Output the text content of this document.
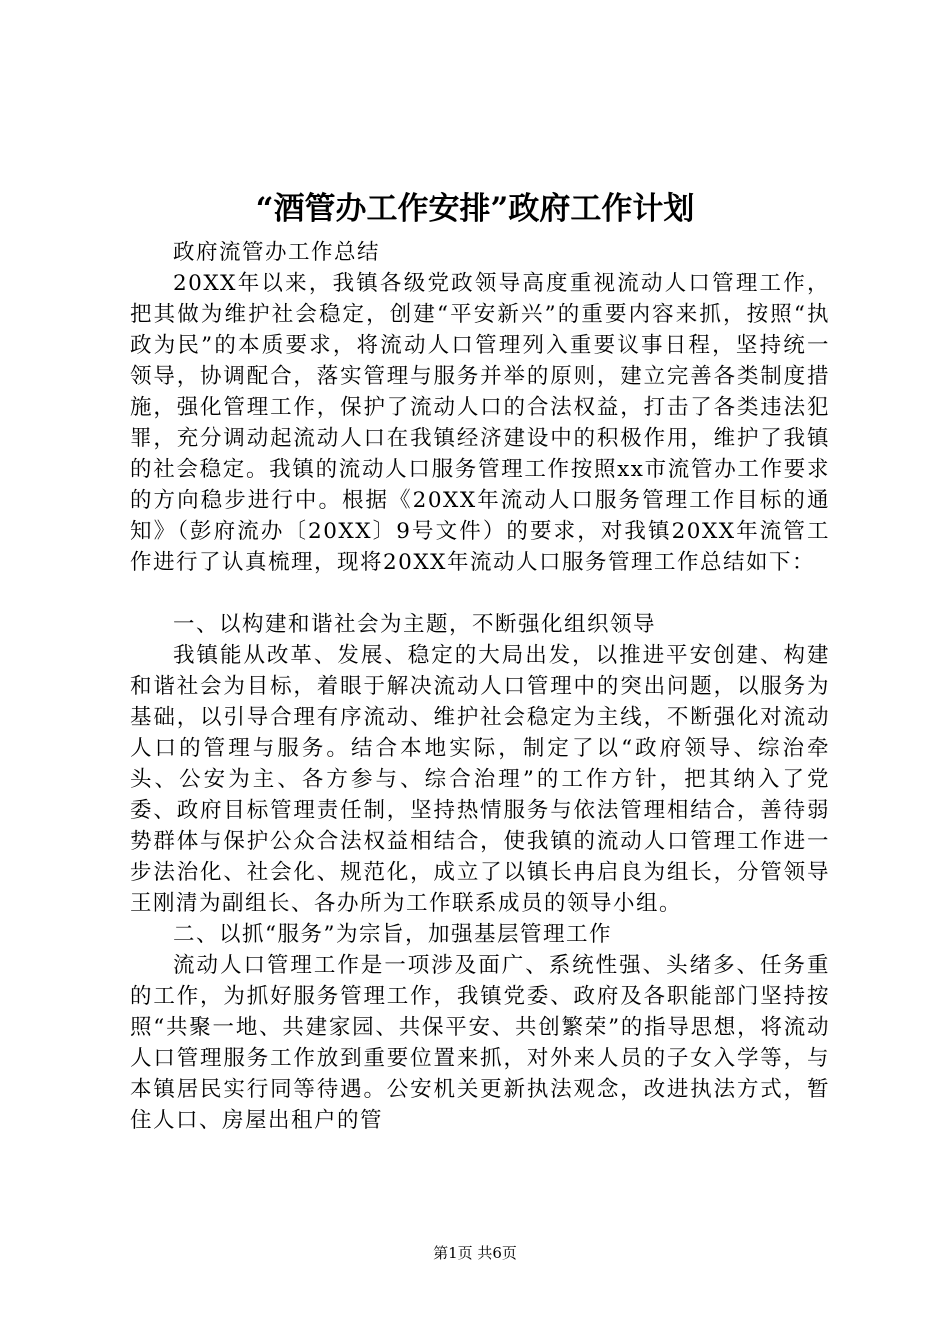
“酒管办工作安排”政府工作计划

政府流管办工作总结

20XX年以来，我镇各级党政领导高度重视流动人口管理工作，把其做为维护社会稳定，创建“平安新兴”的重要内容来抓，按照“执政为民”的本质要求，将流动人口管理列入重要议事日程，坚持统一领导，协调配合，落实管理与服务并举的原则，建立完善各类制度措施，强化管理工作，保护了流动人口的合法权益，打击了各类违法犯罪，充分调动起流动人口在我镇经济建设中的积极作用，维护了我镇的社会稳定。我镇的流动人口服务管理工作按照xx市流管办工作要求的方向稳步进行中。根据《20XX年流动人口服务管理工作目标的通知》（彭府流办〔20XX〕9号文件）的要求，对我镇20XX年流管工作进行了认真梳理，现将20XX年流动人口服务管理工作总结如下：

一、以构建和谐社会为主题，不断强化组织领导

我镇能从改革、发展、稳定的大局出发，以推进平安创建、构建和谐社会为目标，着眼于解决流动人口管理中的突出问题，以服务为基础，以引导合理有序流动、维护社会稳定为主线，不断强化对流动人口的管理与服务。结合本地实际，制定了以“政府领导、综治牵头、公安为主、各方参与、综合治理”的工作方针，把其纳入了党委、政府目标管理责任制，坚持热情服务与依法管理相结合，善待弱势群体与保护公众合法权益相结合，使我镇的流动人口管理工作进一步法治化、社会化、规范化，成立了以镇长冉启良为组长，分管领导王刚清为副组长、各办所为工作联系成员的领导小组。

二、以抓“服务”为宗旨，加强基层管理工作

流动人口管理工作是一项涉及面广、系统性强、头绪多、任务重的工作，为抓好服务管理工作，我镇党委、政府及各职能部门坚持按照“共聚一地、共建家园、共保平安、共创繁荣”的指导思想，将流动人口管理服务工作放到重要位置来抓，对外来人员的子女入学等，与本镇居民实行同等待遇。公安机关更新执法观念，改进执法方式，暂住人口、房屋出租户的管

第1页 共6页
